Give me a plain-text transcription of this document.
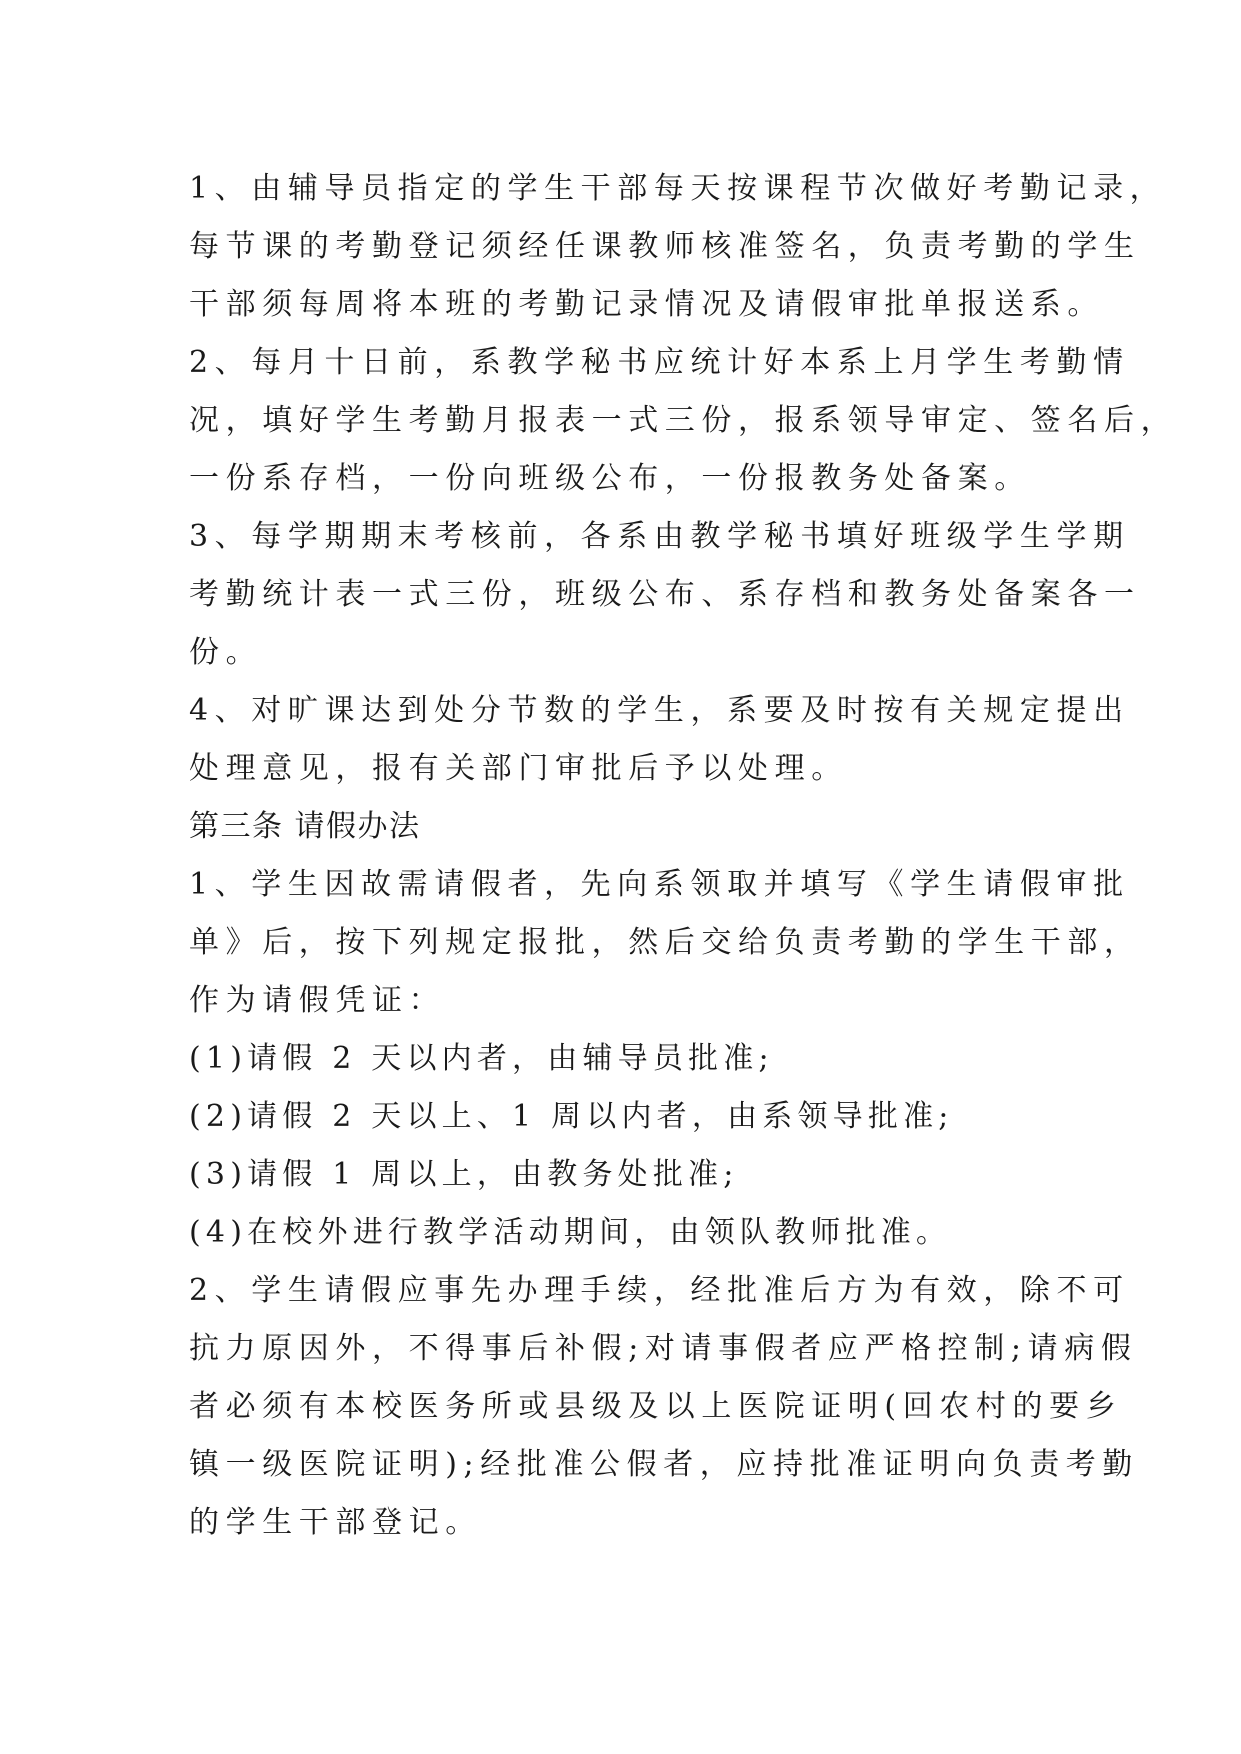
1、由辅导员指定的学生干部每天按课程节次做好考勤记录，
每节课的考勤登记须经任课教师核准签名，负责考勤的学生
干部须每周将本班的考勤记录情况及请假审批单报送系。
2、每月十日前，系教学秘书应统计好本系上月学生考勤情
况，填好学生考勤月报表一式三份，报系领导审定、签名后，
一份系存档，一份向班级公布，一份报教务处备案。
3、每学期期末考核前，各系由教学秘书填好班级学生学期
考勤统计表一式三份，班级公布、系存档和教务处备案各一
份。
4、对旷课达到处分节数的学生，系要及时按有关规定提出
处理意见，报有关部门审批后予以处理。
第三条 请假办法
1、学生因故需请假者，先向系领取并填写《学生请假审批
单》后，按下列规定报批，然后交给负责考勤的学生干部，
作为请假凭证：
(1)请假 2 天以内者，由辅导员批准;
(2)请假 2 天以上、1 周以内者，由系领导批准;
(3)请假 1 周以上，由教务处批准;
(4)在校外进行教学活动期间，由领队教师批准。
2、学生请假应事先办理手续，经批准后方为有效，除不可
抗力原因外，不得事后补假;对请事假者应严格控制;请病假
者必须有本校医务所或县级及以上医院证明(回农村的要乡
镇一级医院证明);经批准公假者，应持批准证明向负责考勤
的学生干部登记。
